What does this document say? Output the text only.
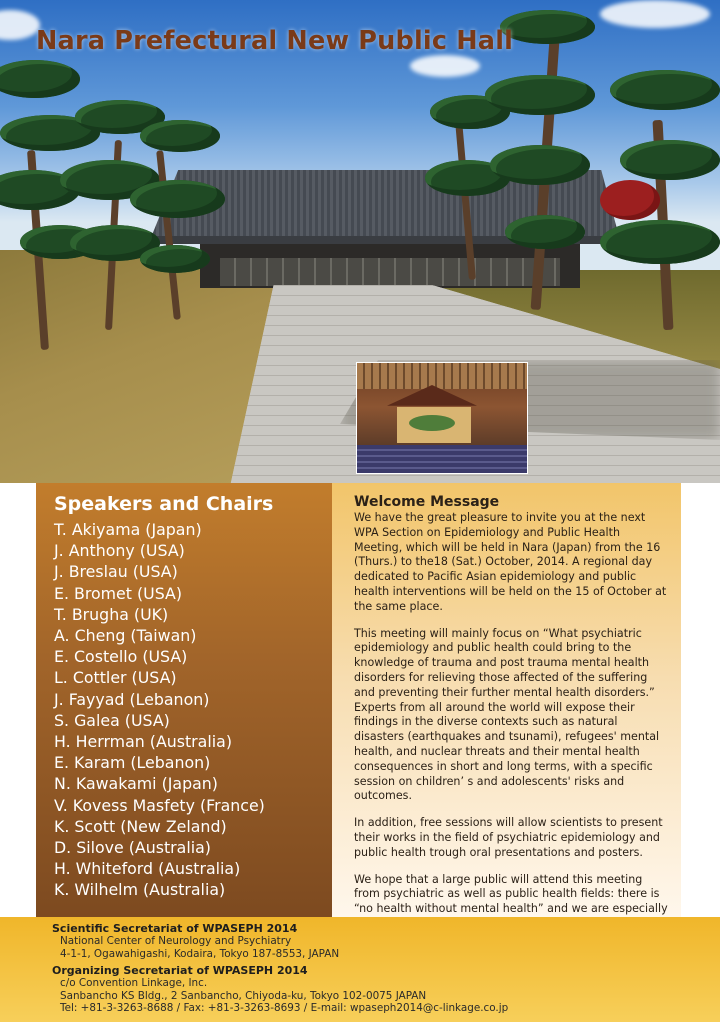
Nara Prefectural New Public Hall
Speakers and Chairs
T. Akiyama (Japan)
J. Anthony (USA)
J. Breslau (USA)
E. Bromet (USA)
T. Brugha (UK)
A. Cheng (Taiwan)
E. Costello (USA)
L. Cottler (USA)
J. Fayyad (Lebanon)
S. Galea (USA)
H. Herrman (Australia)
E. Karam (Lebanon)
N. Kawakami (Japan)
V. Kovess Masfety (France)
K. Scott (New Zeland)
D. Silove (Australia)
H. Whiteford (Australia)
K. Wilhelm (Australia)
Welcome Message

We have the great pleasure to invite you at the next WPA Section on Epidemiology and Public Health Meeting, which will be held in Nara (Japan) from the 16 (Thurs.) to the18 (Sat.) October, 2014. A regional day dedicated to Pacific Asian epidemiology and public health interventions will be held on the 15 of October at the same place.

This meeting will mainly focus on “What psychiatric epidemiology and public health could bring to the knowledge of trauma and post trauma mental health disorders for relieving those affected of the suffering and preventing their further mental health disorders.” Experts from all around the world will expose their findings in the diverse contexts such as natural disasters (earthquakes and tsunami), refugees' mental health, and nuclear threats and their mental health consequences in short and long terms, with a specific session on children’ s and adolescents' risks and outcomes.

In addition, free sessions will allow scientists to present their works in the field of psychiatric epidemiology and public health trough oral presentations and posters.

We hope that a large public will attend this meeting from psychiatric as well as public health fields: there is “no health without mental health” and we are especially

Scientific Secretariat of WPASEPH 2014

National Center of Neurology and Psychiatry

4-1-1, Ogawahigashi, Kodaira, Tokyo 187-8553, JAPAN

Organizing Secretariat of WPASEPH 2014

c/o Convention Linkage, Inc.

Sanbancho KS Bldg., 2 Sanbancho, Chiyoda-ku, Tokyo 102-0075 JAPAN

Tel: +81-3-3263-8688 / Fax: +81-3-3263-8693 / E-mail: wpaseph2014@c-linkage.co.jp
